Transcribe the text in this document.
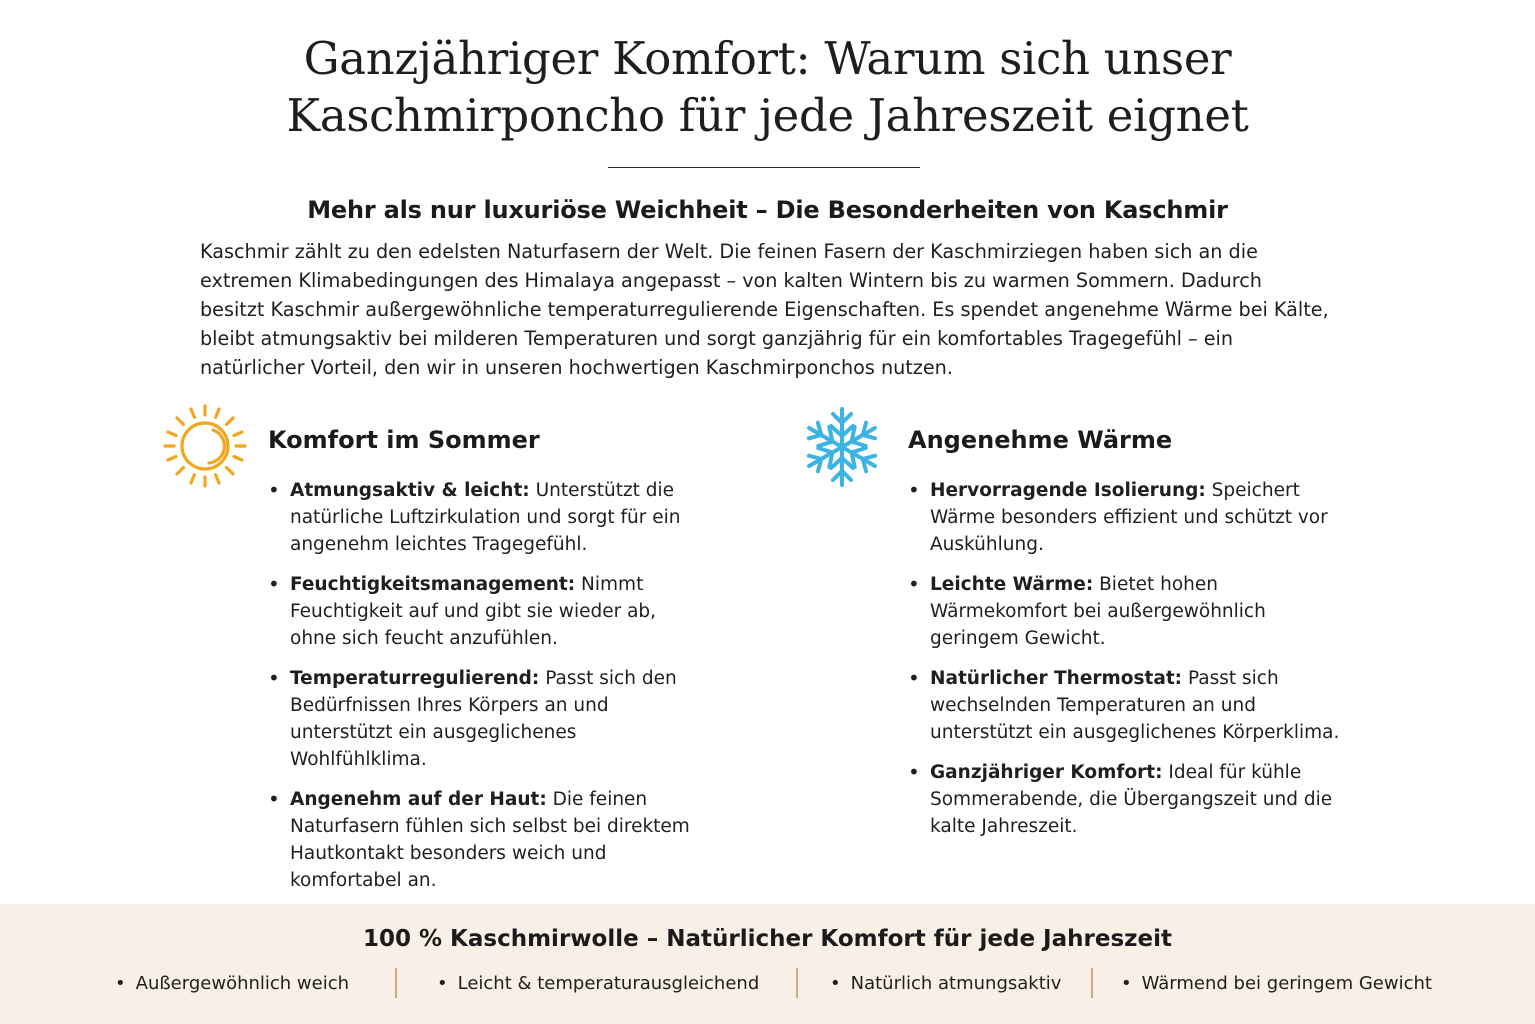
Ganzjähriger Komfort: Warum sich unser
Kaschmirponcho für jede Jahreszeit eignet
Mehr als nur luxuriöse Weichheit – Die Besonderheiten von Kaschmir

Kaschmir zählt zu den edelsten Naturfasern der Welt. Die feinen Fasern der Kaschmirziegen haben sich an die extremen Klimabedingungen des Himalaya angepasst – von kalten Wintern bis zu warmen Sommern. Dadurch besitzt Kaschmir außergewöhnliche temperaturregulierende Eigenschaften. Es spendet angenehme Wärme bei Kälte, bleibt atmungsaktiv bei milderen Temperaturen und sorgt ganzjährig für ein komfortables Tragegefühl – ein natürlicher Vorteil, den wir in unseren hochwertigen Kaschmirponchos nutzen.

Komfort im Sommer
• Atmungsaktiv & leicht: Unterstützt die natürliche Luftzirkulation und sorgt für ein angenehm leichtes Tragegefühl.
• Feuchtigkeitsmanagement: Nimmt Feuchtigkeit auf und gibt sie wieder ab, ohne sich feucht anzufühlen.
• Temperaturregulierend: Passt sich den Bedürfnissen Ihres Körpers an und unterstützt ein ausgeglichenes Wohlfühlklima.
• Angenehm auf der Haut: Die feinen Naturfasern fühlen sich selbst bei direktem Hautkontakt besonders weich und komfortabel an.
Angenehme Wärme
• Hervorragende Isolierung: Speichert Wärme besonders effizient und schützt vor Auskühlung.
• Leichte Wärme: Bietet hohen Wärmekomfort bei außergewöhnlich geringem Gewicht.
• Natürlicher Thermostat: Passt sich wechselnden Temperaturen an und unterstützt ein ausgeglichenes Körperklima.
• Ganzjähriger Komfort: Ideal für kühle Sommerabende, die Übergangszeit und die kalte Jahreszeit.
100 % Kaschmirwolle – Natürlicher Komfort für jede Jahreszeit
• Außergewöhnlich weich	• Leicht & temperaturausgleichend	• Natürlich atmungsaktiv	• Wärmend bei geringem Gewicht
